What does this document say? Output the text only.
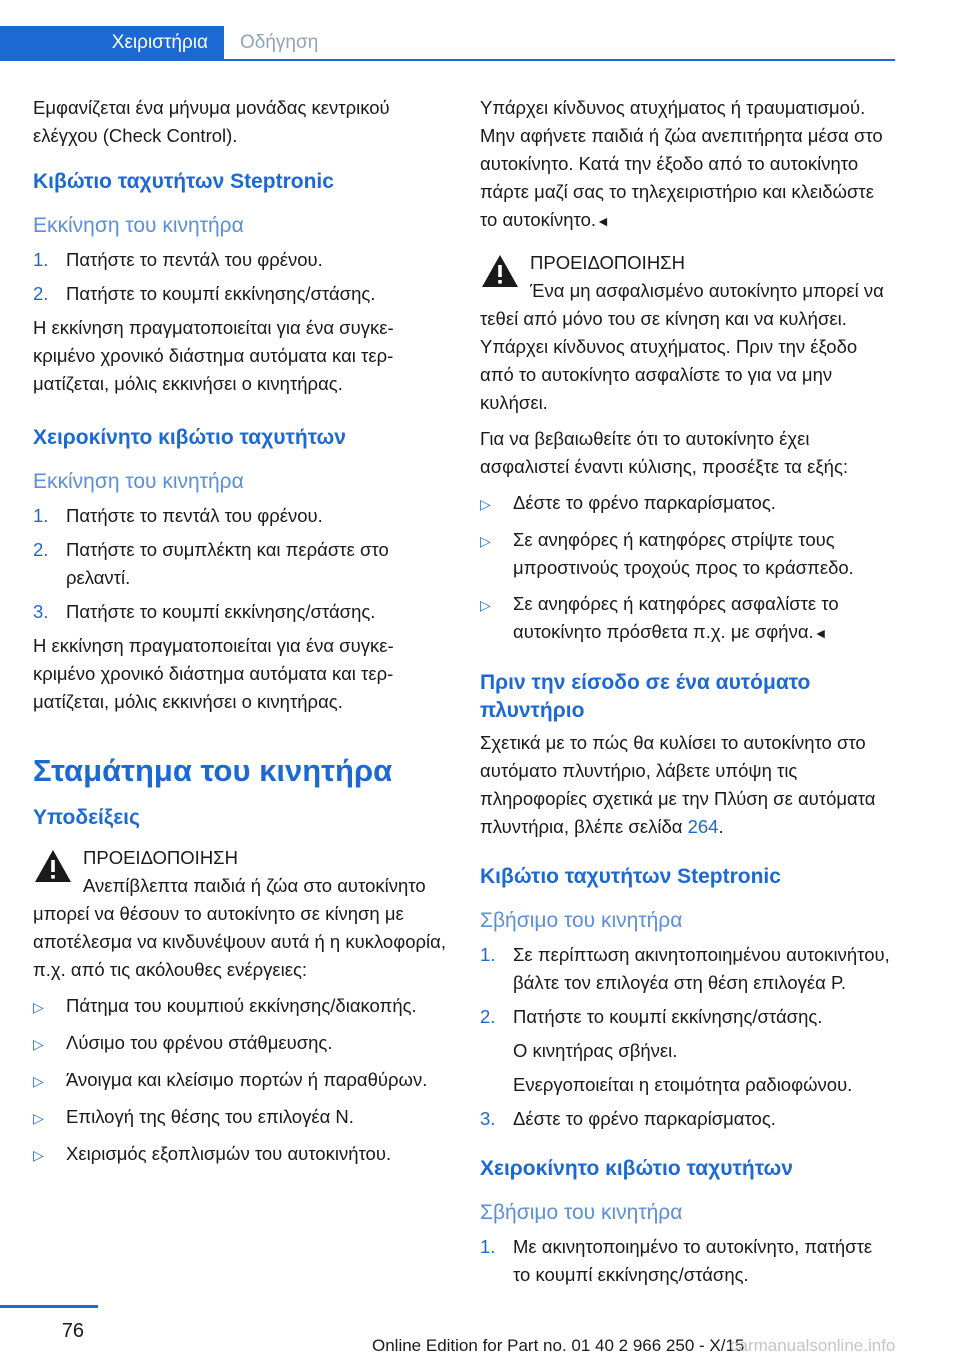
Χειριστήρια	Οδήγηση

Εμφανίζεται ένα μήνυμα μονάδας κεντρικού ελέγχου (Check Control).

Κιβώτιο ταχυτήτων Steptronic
Εκκίνηση του κινητήρα
1. Πατήστε το πεντάλ του φρένου.
2. Πατήστε το κουμπί εκκίνησης/στάσης.

Η εκκίνηση πραγματοποιείται για ένα συγκεκριμένο χρονικό διάστημα αυτόματα και τερματίζεται, μόλις εκκινήσει ο κινητήρας.

Χειροκίνητο κιβώτιο ταχυτήτων
Εκκίνηση του κινητήρα
1. Πατήστε το πεντάλ του φρένου.
2. Πατήστε το συμπλέκτη και περάστε στο ρελαντί.
3. Πατήστε το κουμπί εκκίνησης/στάσης.

Η εκκίνηση πραγματοποιείται για ένα συγκεκριμένο χρονικό διάστημα αυτόματα και τερματίζεται, μόλις εκκινήσει ο κινητήρας.

Σταμάτημα του κινητήρα
Υποδείξεις
ΠΡΟΕΙΔΟΠΟΙΗΣΗ
Ανεπίβλεπτα παιδιά ή ζώα στο αυτοκίνητο μπορεί να θέσουν το αυτοκίνητο σε κίνηση με αποτέλεσμα να κινδυνέψουν αυτά ή η κυκλοφορία, π.χ. από τις ακόλουθες ενέργειες:
▷	Πάτημα του κουμπιού εκκίνησης/διακοπής.
▷	Λύσιμο του φρένου στάθμευσης.
▷	Άνοιγμα και κλείσιμο πορτών ή παραθύρων.
▷	Επιλογή της θέσης του επιλογέα N.
▷	Χειρισμός εξοπλισμών του αυτοκινήτου.

Υπάρχει κίνδυνος ατυχήματος ή τραυματισμού. Μην αφήνετε παιδιά ή ζώα ανεπιτήρητα μέσα στο αυτοκίνητο. Κατά την έξοδο από το αυτοκίνητο πάρτε μαζί σας το τηλεχειριστήριο και κλειδώστε το αυτοκίνητο.◄

ΠΡΟΕΙΔΟΠΟΙΗΣΗ
Ένα μη ασφαλισμένο αυτοκίνητο μπορεί να τεθεί από μόνο του σε κίνηση και να κυλήσει. Υπάρχει κίνδυνος ατυχήματος. Πριν την έξοδο από το αυτοκίνητο ασφαλίστε το για να μην κυλήσει.

Για να βεβαιωθείτε ότι το αυτοκίνητο έχει ασφαλιστεί έναντι κύλισης, προσέξτε τα εξής:

▷	Δέστε το φρένο παρκαρίσματος.
▷	Σε ανηφόρες ή κατηφόρες στρίψτε τους μπροστινούς τροχούς προς το κράσπεδο.
▷	Σε ανηφόρες ή κατηφόρες ασφαλίστε το αυτοκίνητο πρόσθετα π.χ. με σφήνα.◄
Πριν την είσοδο σε ένα αυτόματο πλυντήριο

Σχετικά με το πώς θα κυλίσει το αυτοκίνητο στο αυτόματο πλυντήριο, λάβετε υπόψη τις πληροφορίες σχετικά με την Πλύση σε αυτόματα πλυντήρια, βλέπε σελίδα 264.

Κιβώτιο ταχυτήτων Steptronic
Σβήσιμο του κινητήρα
1. Σε περίπτωση ακινητοποιημένου αυτοκινήτου, βάλτε τον επιλογέα στη θέση επιλογέα P.
2. Πατήστε το κουμπί εκκίνησης/στάσης.
Ο κινητήρας σβήνει.
Ενεργοποιείται η ετοιμότητα ραδιοφώνου.
3. Δέστε το φρένο παρκαρίσματος.
Χειροκίνητο κιβώτιο ταχυτήτων
Σβήσιμο του κινητήρα
1. Με ακινητοποιημένο το αυτοκίνητο, πατήστε το κουμπί εκκίνησης/στάσης.
76
Online Edition for Part no. 01 40 2 966 250 - X/15
carmanualsonline.info
